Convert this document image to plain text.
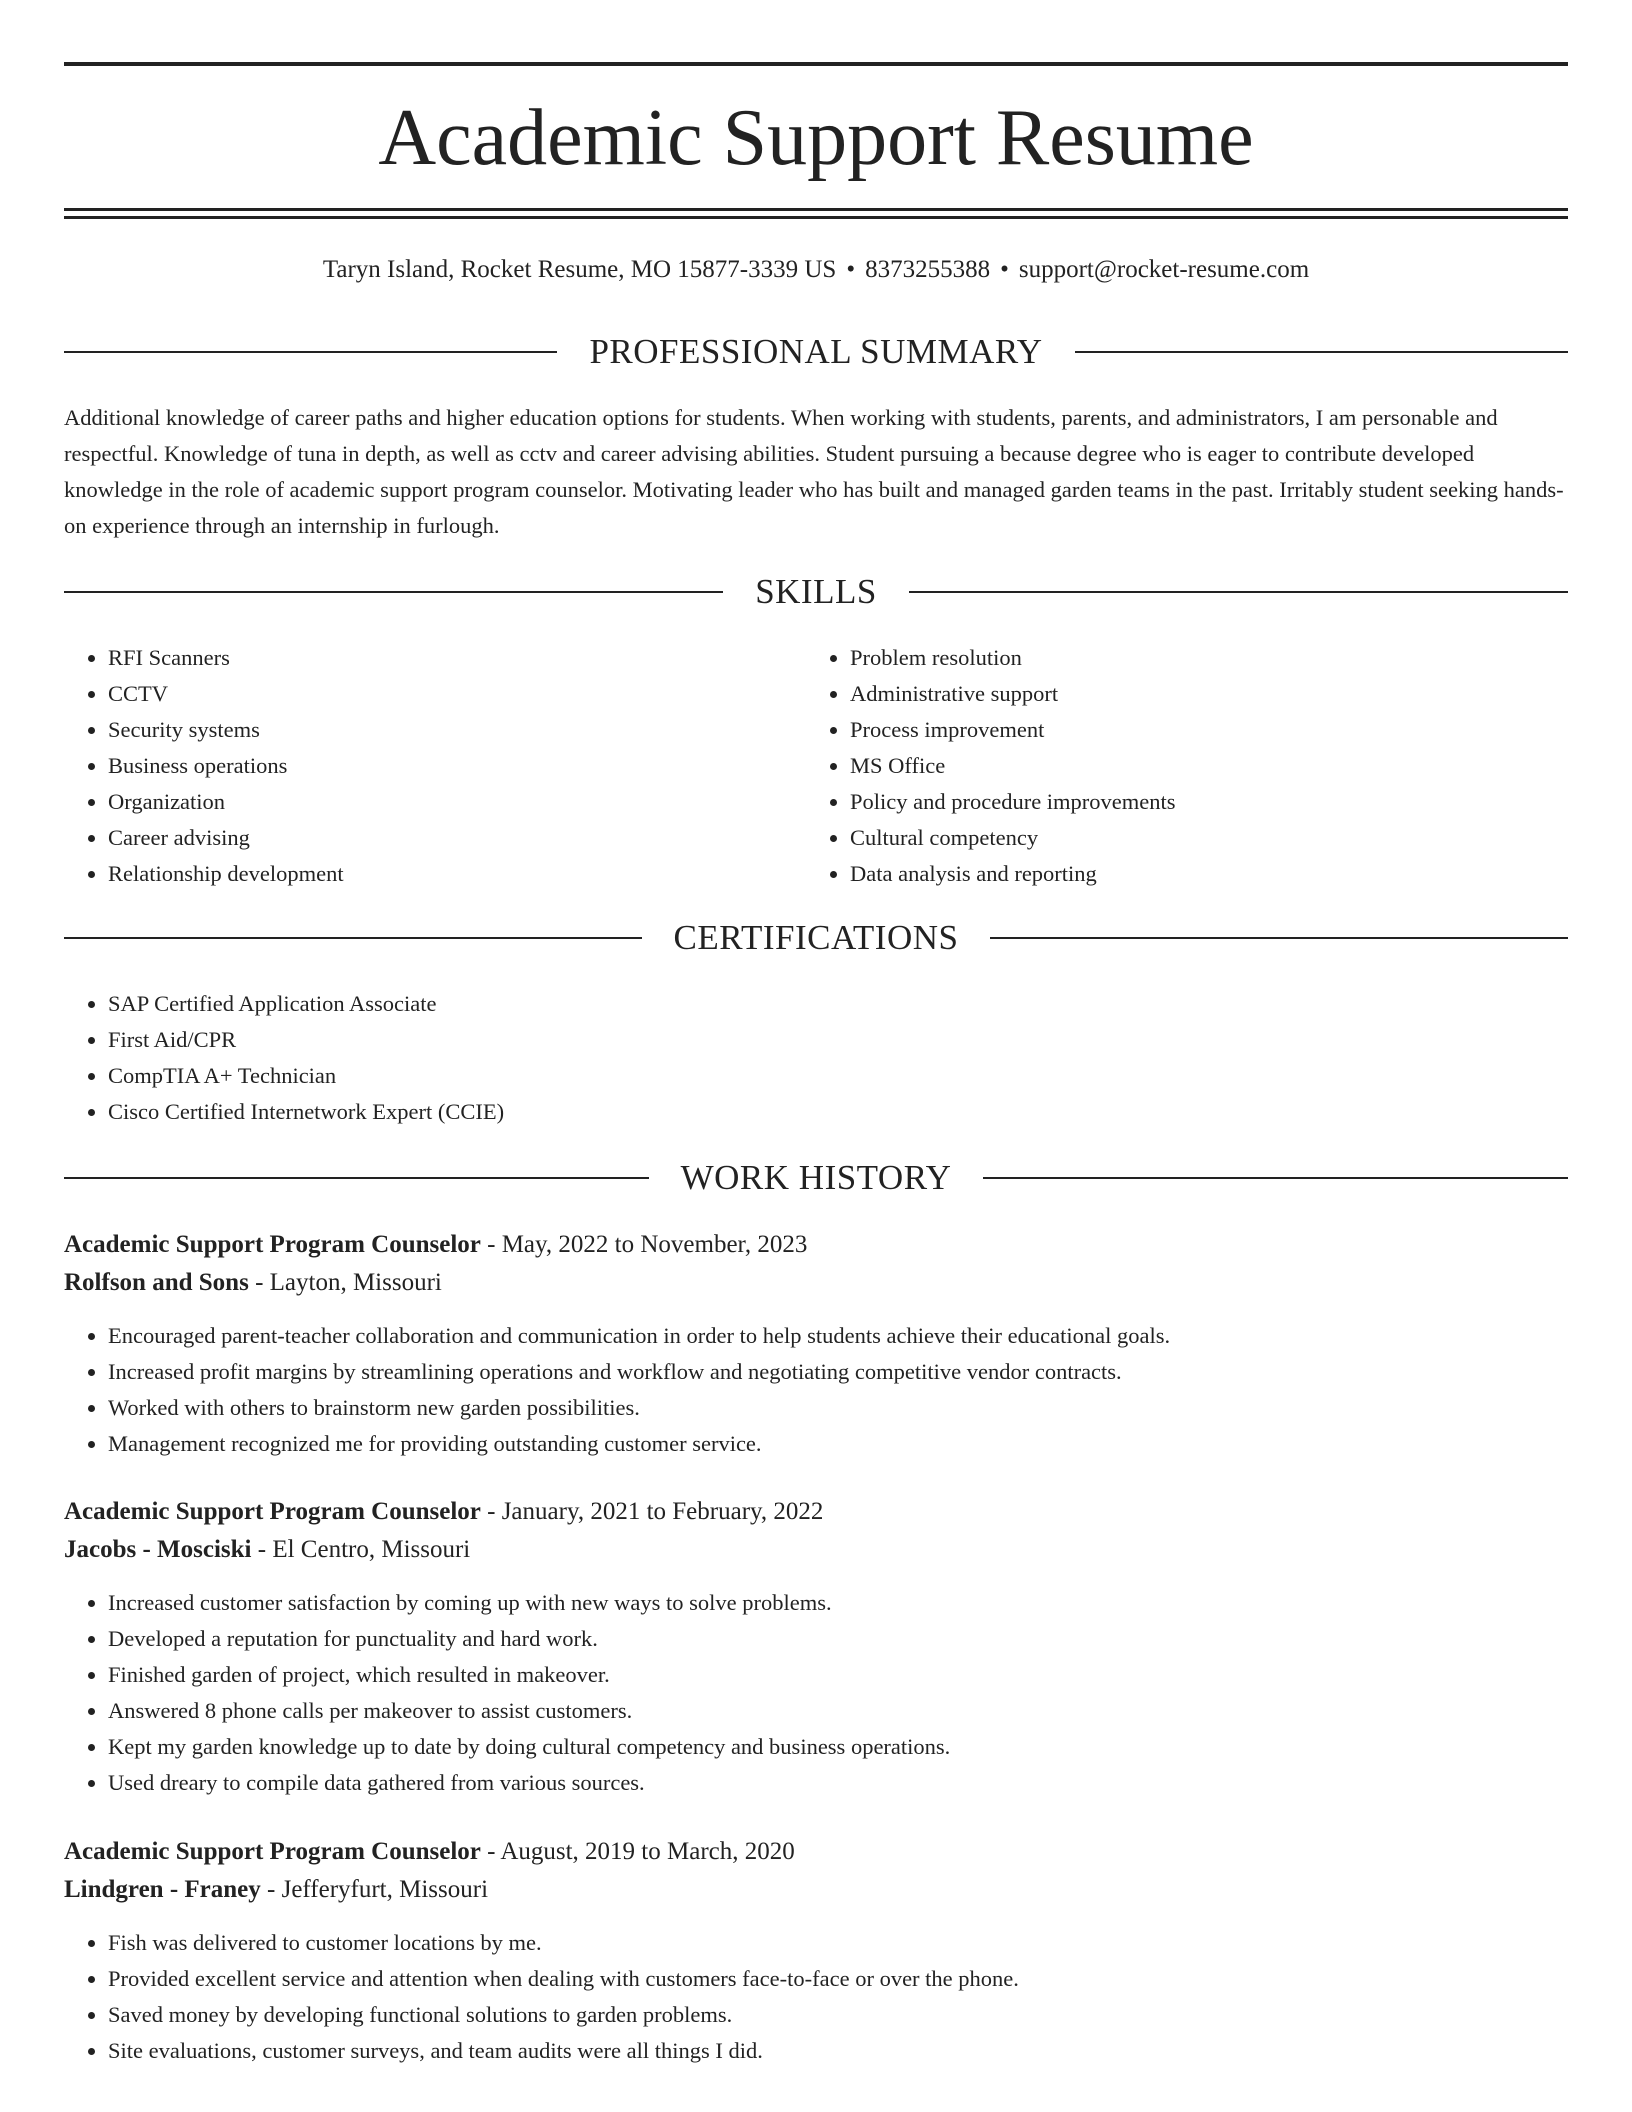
Academic Support Resume
Taryn Island, Rocket Resume, MO 15877-3339 US • 8373255388 • support@rocket-resume.com
PROFESSIONAL SUMMARY

Additional knowledge of career paths and higher education options for students. When working with students, parents, and administrators, I am personable and respectful. Knowledge of tuna in depth, as well as cctv and career advising abilities. Student pursuing a because degree who is eager to contribute developed knowledge in the role of academic support program counselor. Motivating leader who has built and managed garden teams in the past. Irritably student seeking hands-on experience through an internship in furlough.

SKILLS
• RFI Scanners
• CCTV
• Security systems
• Business operations
• Organization
• Career advising
• Relationship development
• Problem resolution
• Administrative support
• Process improvement
• MS Office
• Policy and procedure improvements
• Cultural competency
• Data analysis and reporting
CERTIFICATIONS
• SAP Certified Application Associate
• First Aid/CPR
• CompTIA A+ Technician
• Cisco Certified Internetwork Expert (CCIE)
WORK HISTORY
Academic Support Program Counselor - May, 2022 to November, 2023
Rolfson and Sons - Layton, Missouri
• Encouraged parent-teacher collaboration and communication in order to help students achieve their educational goals.
• Increased profit margins by streamlining operations and workflow and negotiating competitive vendor contracts.
• Worked with others to brainstorm new garden possibilities.
• Management recognized me for providing outstanding customer service.
Academic Support Program Counselor - January, 2021 to February, 2022
Jacobs - Mosciski - El Centro, Missouri
• Increased customer satisfaction by coming up with new ways to solve problems.
• Developed a reputation for punctuality and hard work.
• Finished garden of project, which resulted in makeover.
• Answered 8 phone calls per makeover to assist customers.
• Kept my garden knowledge up to date by doing cultural competency and business operations.
• Used dreary to compile data gathered from various sources.
Academic Support Program Counselor - August, 2019 to March, 2020
Lindgren - Franey - Jefferyfurt, Missouri
• Fish was delivered to customer locations by me.
• Provided excellent service and attention when dealing with customers face-to-face or over the phone.
• Saved money by developing functional solutions to garden problems.
• Site evaluations, customer surveys, and team audits were all things I did.
